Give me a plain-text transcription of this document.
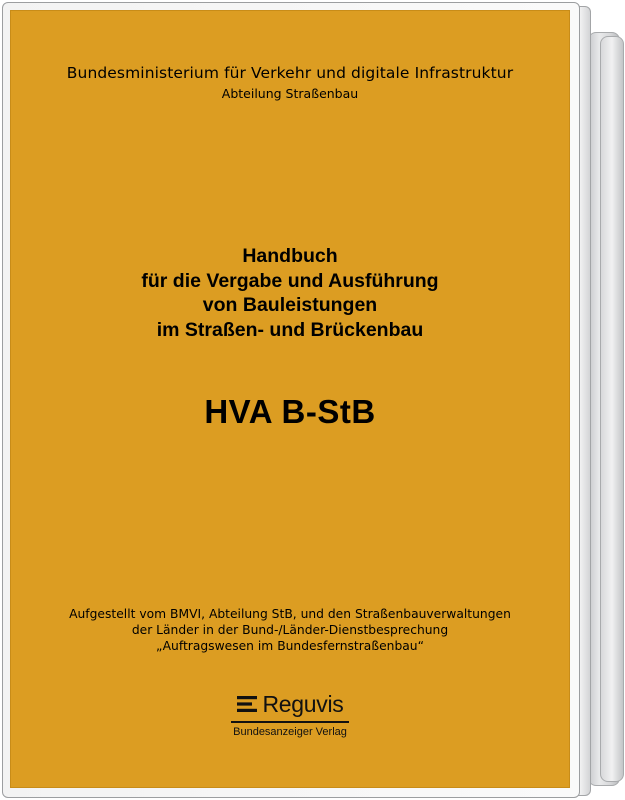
Bundesministerium für Verkehr und digitale Infrastruktur
Abteilung Straßenbau
Handbuch
für die Vergabe und Ausführung
von Bauleistungen
im Straßen- und Brückenbau
HVA B-StB
Aufgestellt vom BMVI, Abteilung StB, und den Straßenbauverwaltungen
der Länder in der Bund-/Länder-Dienstbesprechung
„Auftragswesen im Bundesfernstraßenbau“
Reguvis
Bundesanzeiger Verlag
